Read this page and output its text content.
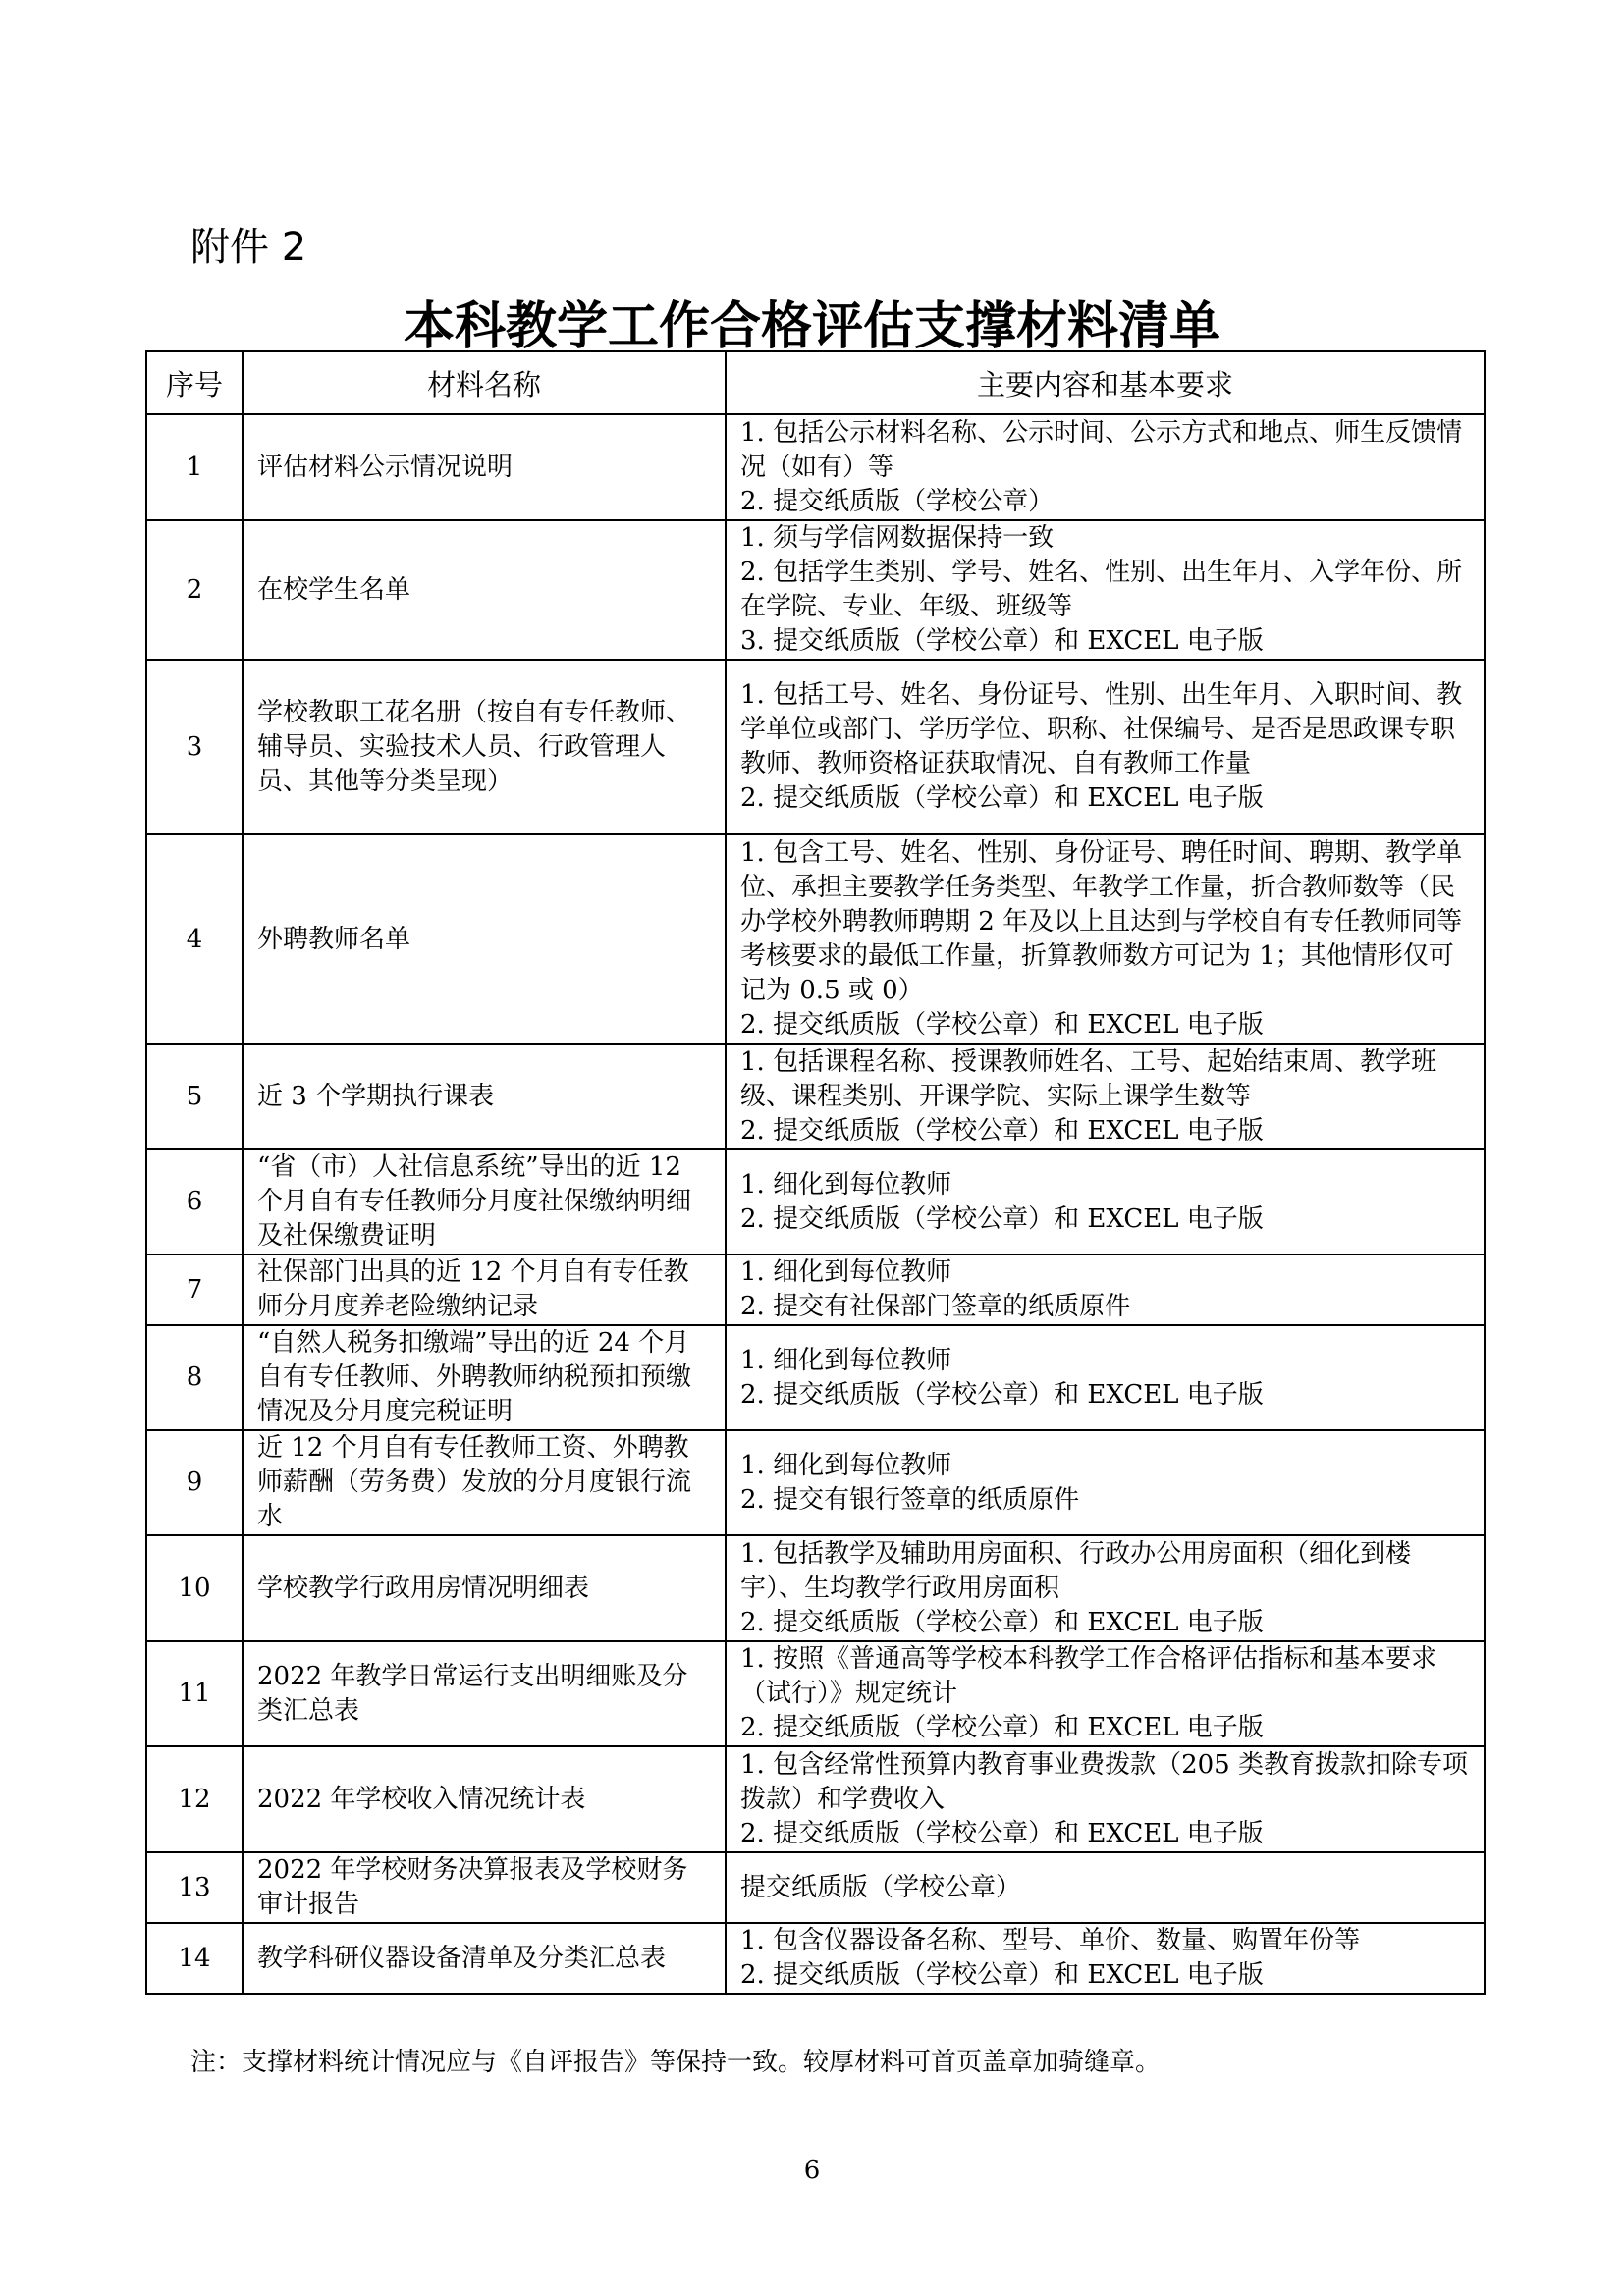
附件 2
本科教学工作合格评估支撑材料清单
序号	材料名称	主要内容和基本要求
1	评估材料公示情况说明	1. 包括公示材料名称、公示时间、公示方式和地点、师生反馈情况（如有）等
2. 提交纸质版（学校公章）

2	在校学生名单	1. 须与学信网数据保持一致
2. 包括学生类别、学号、姓名、性别、出生年月、入学年份、所在学院、专业、年级、班级等
3. 提交纸质版（学校公章）和 EXCEL 电子版

3	学校教职工花名册（按自有专任教师、辅导员、实验技术人员、行政管理人员、其他等分类呈现）	1. 包括工号、姓名、身份证号、性别、出生年月、入职时间、教学单位或部门、学历学位、职称、社保编号、是否是思政课专职教师、教师资格证获取情况、自有教师工作量
2. 提交纸质版（学校公章）和 EXCEL 电子版

4	外聘教师名单	1. 包含工号、姓名、性别、身份证号、聘任时间、聘期、教学单位、承担主要教学任务类型、年教学工作量，折合教师数等（民办学校外聘教师聘期 2 年及以上且达到与学校自有专任教师同等考核要求的最低工作量，折算教师数方可记为 1；其他情形仅可记为 0.5 或 0）
2. 提交纸质版（学校公章）和 EXCEL 电子版

5	近 3 个学期执行课表	1. 包括课程名称、授课教师姓名、工号、起始结束周、教学班级、课程类别、开课学院、实际上课学生数等
2. 提交纸质版（学校公章）和 EXCEL 电子版

6	“省（市）人社信息系统”导出的近 12 个月自有专任教师分月度社保缴纳明细及社保缴费证明	1. 细化到每位教师
2. 提交纸质版（学校公章）和 EXCEL 电子版

7	社保部门出具的近 12 个月自有专任教师分月度养老险缴纳记录	1. 细化到每位教师
2. 提交有社保部门签章的纸质原件

8	“自然人税务扣缴端”导出的近 24 个月自有专任教师、外聘教师纳税预扣预缴情况及分月度完税证明	1. 细化到每位教师
2. 提交纸质版（学校公章）和 EXCEL 电子版

9	近 12 个月自有专任教师工资、外聘教师薪酬（劳务费）发放的分月度银行流水	1. 细化到每位教师
2. 提交有银行签章的纸质原件

10	学校教学行政用房情况明细表	1. 包括教学及辅助用房面积、行政办公用房面积（细化到楼宇）、生均教学行政用房面积
2. 提交纸质版（学校公章）和 EXCEL 电子版

11	2022 年教学日常运行支出明细账及分类汇总表	1. 按照《普通高等学校本科教学工作合格评估指标和基本要求（试行）》规定统计
2. 提交纸质版（学校公章）和 EXCEL 电子版

12	2022 年学校收入情况统计表	1. 包含经常性预算内教育事业费拨款（205 类教育拨款扣除专项拨款）和学费收入
2. 提交纸质版（学校公章）和 EXCEL 电子版

13	2022 年学校财务决算报表及学校财务审计报告	提交纸质版（学校公章）

14	教学科研仪器设备清单及分类汇总表	1. 包含仪器设备名称、型号、单价、数量、购置年份等
2. 提交纸质版（学校公章）和 EXCEL 电子版
注：支撑材料统计情况应与《自评报告》等保持一致。较厚材料可首页盖章加骑缝章。
6
